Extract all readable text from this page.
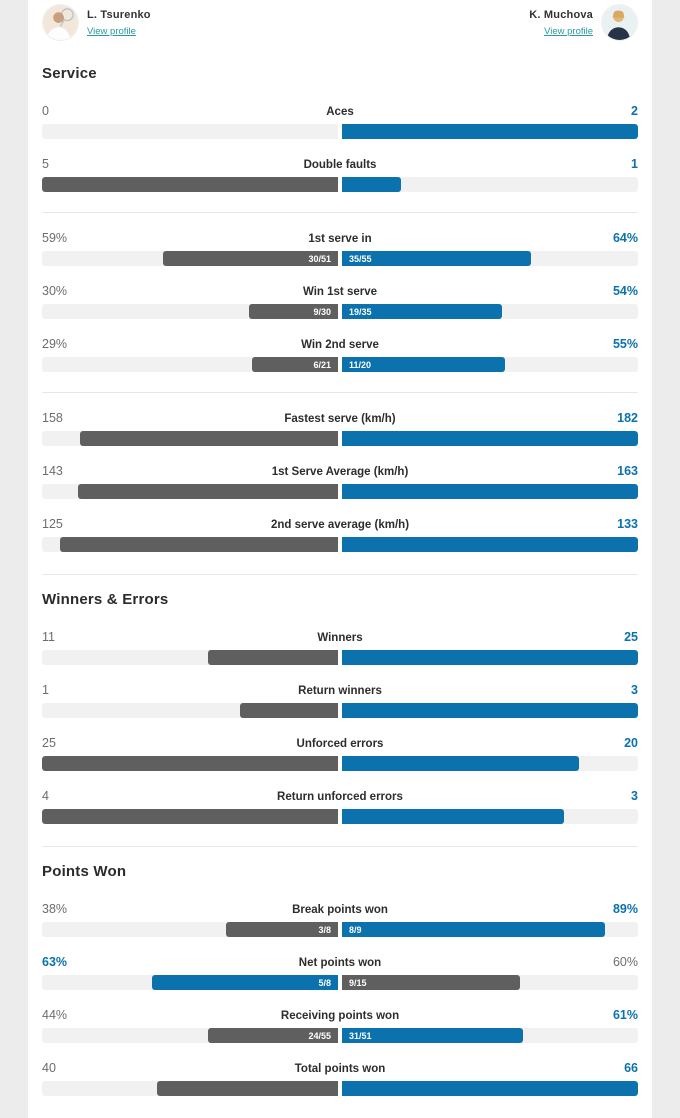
L. Tsurenko
View profile
K. Muchova
View profile
Service
0	Aces	2
5	Double faults	1
59%	1st serve in	64%
30/51	35/55
30%	Win 1st serve	54%
9/30	19/35
29%	Win 2nd serve	55%
6/21	11/20
158	Fastest serve (km/h)	182
143	1st Serve Average (km/h)	163
125	2nd serve average (km/h)	133
Winners & Errors
11	Winners	25
1	Return winners	3
25	Unforced errors	20
4	Return unforced errors	3
Points Won
38%	Break points won	89%
3/8	8/9
63%	Net points won	60%
5/8	9/15
44%	Receiving points won	61%
24/55	31/51
40	Total points won	66
